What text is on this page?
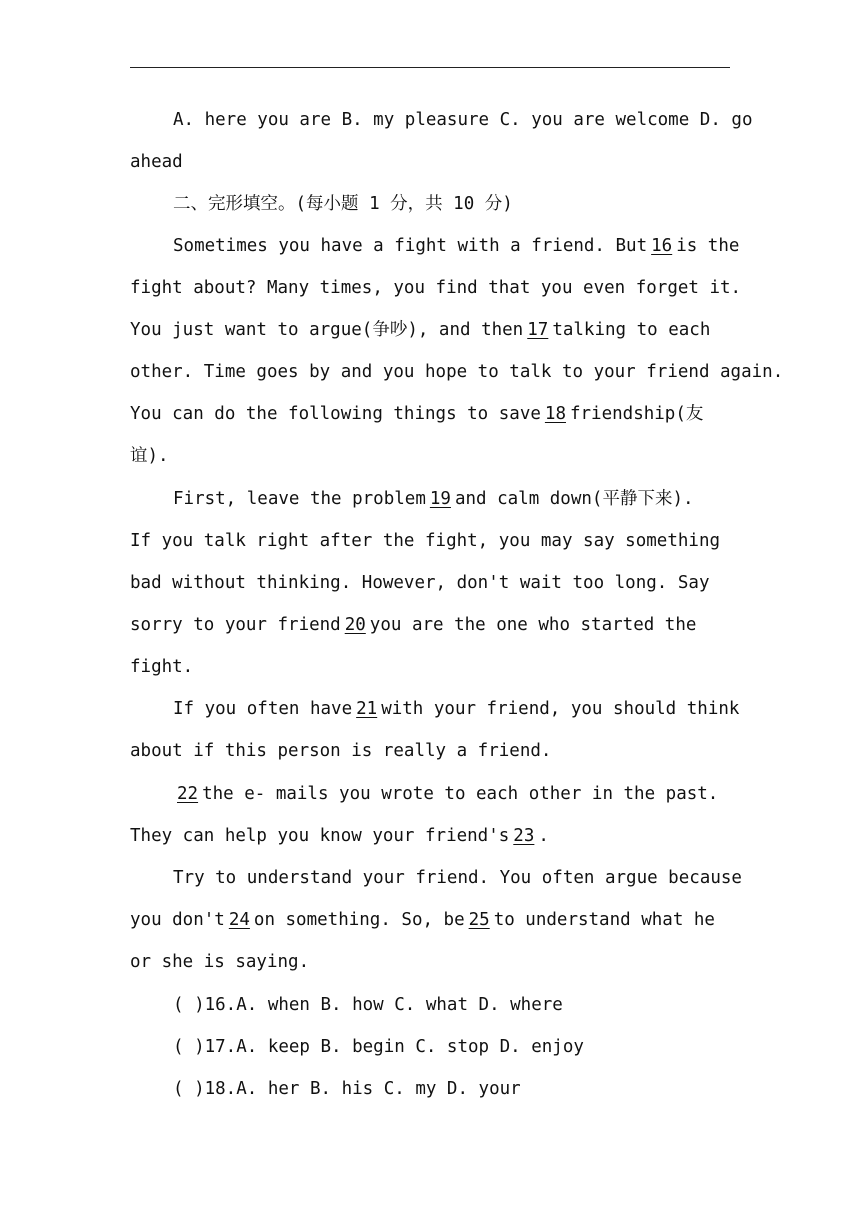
A. here you are B. my pleasure C. you are welcome D. go
ahead
二、完形填空。(每小题 1 分，共 10 分)
Sometimes you have a fight with a friend. But 16 is the
fight about? Many times, you find that you even forget it.
You just want to argue(争吵), and then 17 talking to each
other. Time goes by and you hope to talk to your friend again.
You can do the following things to save 18 friendship(友
谊).
First, leave the problem 19 and calm down(平静下来).
If you talk right after the fight, you may say something
bad without thinking. However, don't wait too long. Say
sorry to your friend 20 you are the one who started the
fight.
If you often have 21 with your friend, you should think
about if this person is really a friend.
22 the e- mails you wrote to each other in the past.
They can help you know your friend's 23 .
Try to understand your friend. You often argue because
you don't 24 on something. So, be 25 to understand what he
or she is saying.
( )16.A. when B. how C. what D. where
( )17.A. keep B. begin C. stop D. enjoy
( )18.A. her B. his C. my D. your
